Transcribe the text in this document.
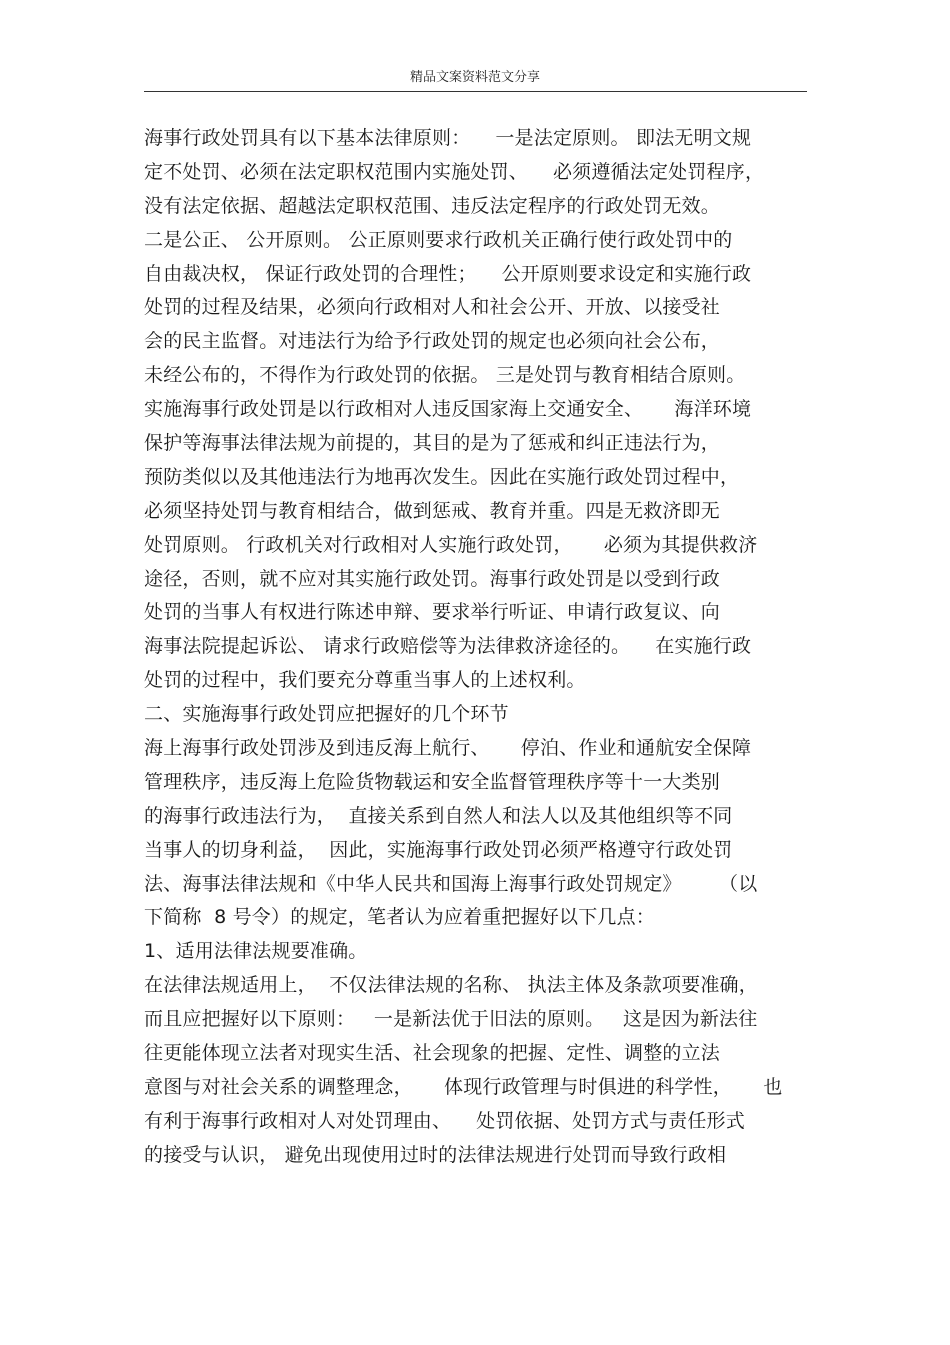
精品文案资料范文分享
海事行政处罚具有以下基本法律原则：    一是法定原则。 即法无明文规
定不处罚、必须在法定职权范围内实施处罚、    必须遵循法定处罚程序，
没有法定依据、超越法定职权范围、违反法定程序的行政处罚无效。
二是公正、 公开原则。 公正原则要求行政机关正确行使行政处罚中的
自由裁决权， 保证行政处罚的合理性；    公开原则要求设定和实施行政
处罚的过程及结果，必须向行政相对人和社会公开、开放、以接受社
会的民主监督。对违法行为给予行政处罚的规定也必须向社会公布，
未经公布的，不得作为行政处罚的依据。 三是处罚与教育相结合原则。
实施海事行政处罚是以行政相对人违反国家海上交通安全、     海洋环境
保护等海事法律法规为前提的，其目的是为了惩戒和纠正违法行为，
预防类似以及其他违法行为地再次发生。因此在实施行政处罚过程中，
必须坚持处罚与教育相结合，做到惩戒、教育并重。四是无救济即无
处罚原则。 行政机关对行政相对人实施行政处罚，     必须为其提供救济
途径，否则，就不应对其实施行政处罚。海事行政处罚是以受到行政
处罚的当事人有权进行陈述申辩、要求举行听证、申请行政复议、向
海事法院提起诉讼、 请求行政赔偿等为法律救济途径的。    在实施行政
处罚的过程中，我们要充分尊重当事人的上述权利。
二、实施海事行政处罚应把握好的几个环节
海上海事行政处罚涉及到违反海上航行、     停泊、作业和通航安全保障
管理秩序，违反海上危险货物载运和安全监督管理秩序等十一大类别
的海事行政违法行为，  直接关系到自然人和法人以及其他组织等不同
当事人的切身利益，  因此，实施海事行政处罚必须严格遵守行政处罚
法、海事法律法规和《中华人民共和国海上海事行政处罚规定》      （以
下简称  8 号令）的规定，笔者认为应着重把握好以下几点：
1、适用法律法规要准确。
在法律法规适用上，  不仅法律法规的名称、 执法主体及条款项要准确，
而且应把握好以下原则：   一是新法优于旧法的原则。   这是因为新法往
往更能体现立法者对现实生活、社会现象的把握、定性、调整的立法
意图与对社会关系的调整理念，     体现行政管理与时俱进的科学性，     也
有利于海事行政相对人对处罚理由、    处罚依据、处罚方式与责任形式
的接受与认识， 避免出现使用过时的法律法规进行处罚而导致行政相
